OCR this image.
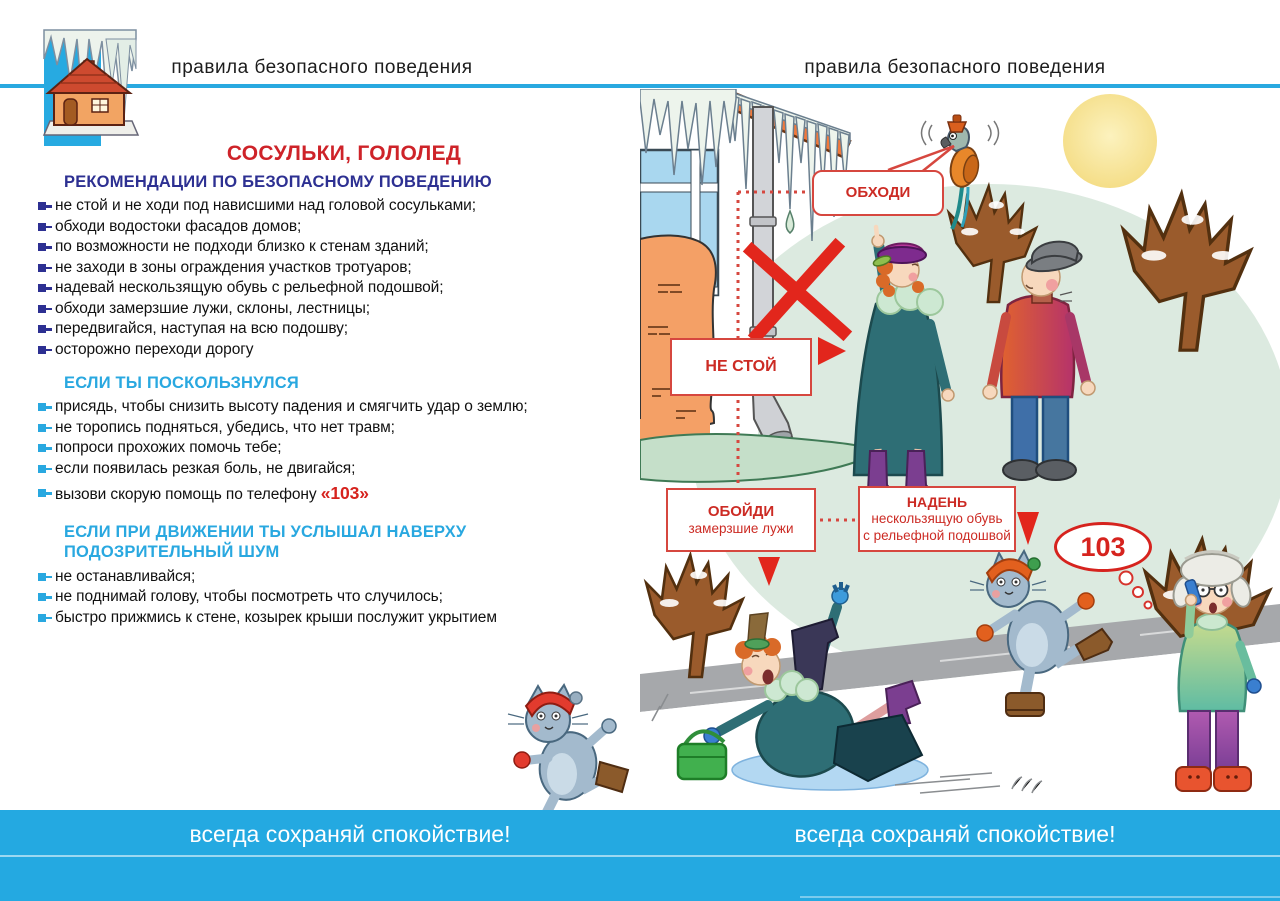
правила безопасного поведения	правила безопасного поведения
СОСУЛЬКИ, ГОЛОЛЕД
РЕКОМЕНДАЦИИ ПО БЕЗОПАСНОМУ ПОВЕДЕНИЮ
не стой и не ходи под нависшими над головой сосульками;
обходи водостоки фасадов домов;
по возможности не подходи близко к стенам зданий;
не заходи в зоны ограждения участков тротуаров;
надевай нескользящую обувь с рельефной подошвой;
обходи замерзшие лужи, склоны, лестницы;
передвигайся, наступая на всю подошву;
осторожно переходи дорогу
ЕСЛИ ТЫ ПОСКОЛЬЗНУЛСЯ
присядь, чтобы снизить высоту падения и смягчить удар о землю;
не торопись подняться, убедись, что нет травм;
попроси прохожих помочь тебе;
если появилась резкая боль, не двигайся;
вызови скорую помощь по телефону «103»
ЕСЛИ ПРИ ДВИЖЕНИИ ТЫ УСЛЫШАЛ НАВЕРХУ
ПОДОЗРИТЕЛЬНЫЙ ШУМ
не останавливайся;
не поднимай голову, чтобы посмотреть что случилось;
быстро прижмись к стене, козырек крыши послужит укрытием
ОБХОДИ
НЕ СТОЙ
ОБОЙДИ
замерзшие лужи
НАДЕНЬ
нескользящую обувь
с рельефной подошвой	103
всегда сохраняй спокойствие!	всегда сохраняй спокойствие!
